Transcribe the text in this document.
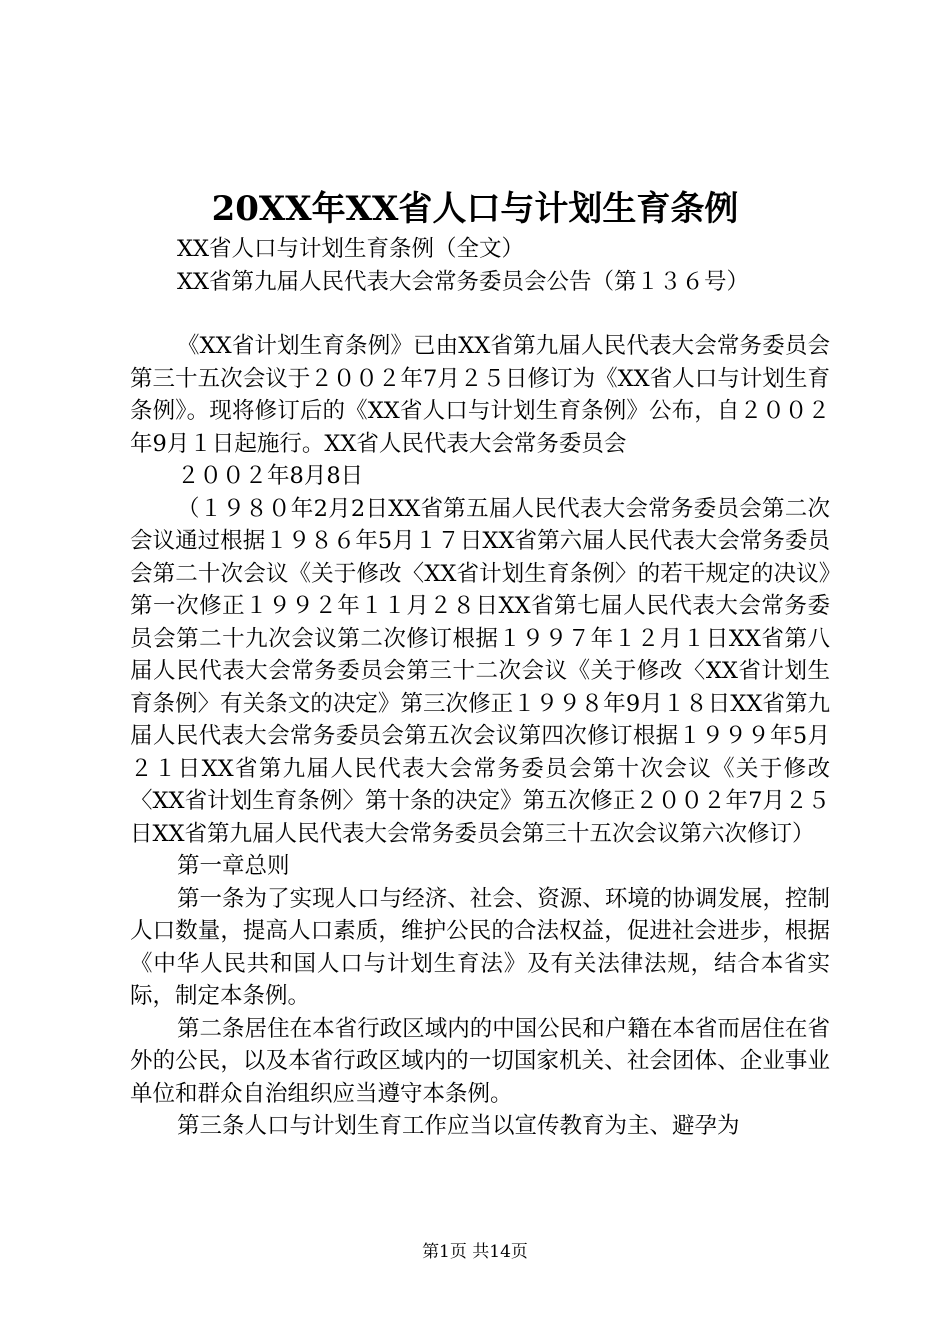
20XX年XX省人口与计划生育条例

XX省人口与计划生育条例（全文）

XX省第九届人民代表大会常务委员会公告（第１３６号）

《XX省计划生育条例》已由XX省第九届人民代表大会常务委员会第三十五次会议于２００２年7月２５日修订为《XX省人口与计划生育条例》。现将修订后的《XX省人口与计划生育条例》公布，自２００２年9月１日起施行。XX省人民代表大会常务委员会

２００２年8月8日

（１９８０年2月2日XX省第五届人民代表大会常务委员会第二次会议通过根据１９８６年5月１７日XX省第六届人民代表大会常务委员会第二十次会议《关于修改〈XX省计划生育条例〉的若干规定的决议》第一次修正１９９２年１１月２８日XX省第七届人民代表大会常务委员会第二十九次会议第二次修订根据１９９７年１２月１日XX省第八届人民代表大会常务委员会第三十二次会议《关于修改〈XX省计划生育条例〉有关条文的决定》第三次修正１９９８年9月１８日XX省第九届人民代表大会常务委员会第五次会议第四次修订根据１９９９年5月２１日XX省第九届人民代表大会常务委员会第十次会议《关于修改〈XX省计划生育条例〉第十条的决定》第五次修正２００２年7月２５日XX省第九届人民代表大会常务委员会第三十五次会议第六次修订）

第一章总则

第一条为了实现人口与经济、社会、资源、环境的协调发展，控制人口数量，提高人口素质，维护公民的合法权益，促进社会进步，根据《中华人民共和国人口与计划生育法》及有关法律法规，结合本省实际，制定本条例。

第二条居住在本省行政区域内的中国公民和户籍在本省而居住在省外的公民，以及本省行政区域内的一切国家机关、社会团体、企业事业单位和群众自治组织应当遵守本条例。

第三条人口与计划生育工作应当以宣传教育为主、避孕为

第1页 共14页
